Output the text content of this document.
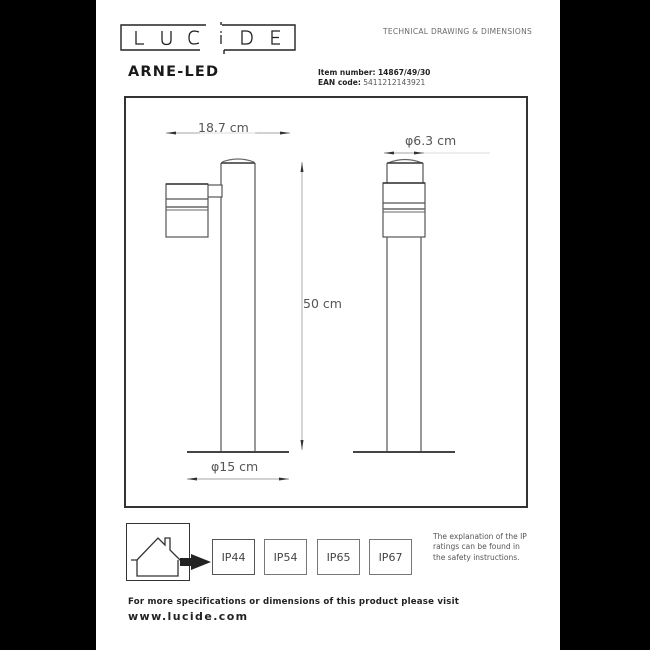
TECHNICAL DRAWING & DIMENSIONS
ARNE-LED	Item number: 14867/49/30
EAN code: 5411212143921
18.7 cm
50 cm
φ6.3 cm
φ15 cm
IP44	IP54	IP65	IP67
The explanation of the IP ratings can be found in the safety instructions.
For more specifications or dimensions of this product please visit
www.lucide.com
